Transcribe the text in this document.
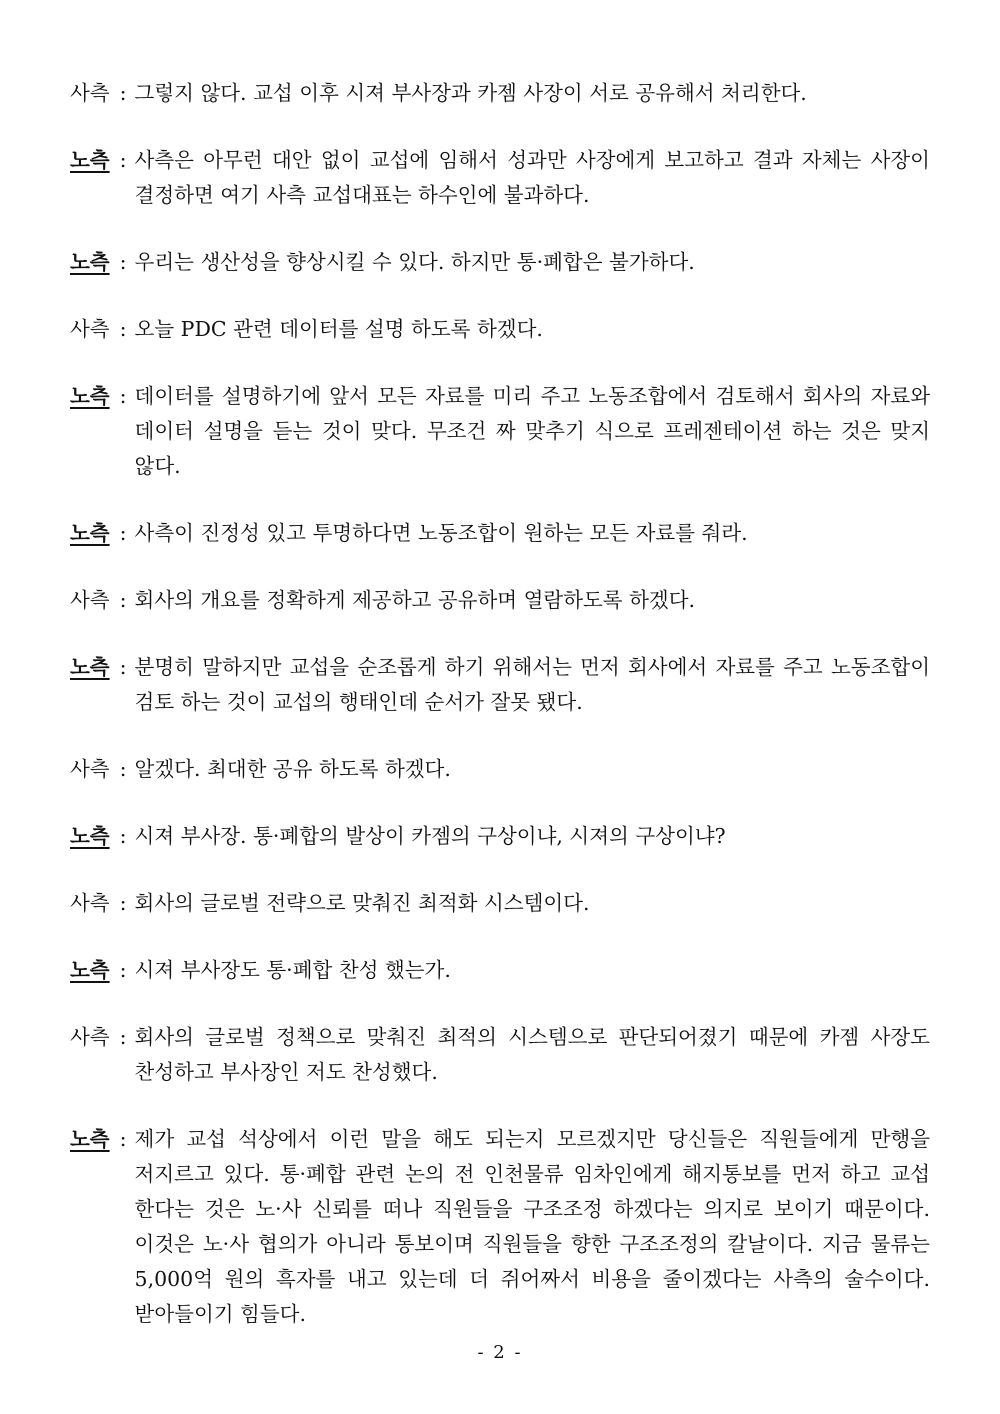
사측 : 그렇지 않다. 교섭 이후 시져 부사장과 카젬 사장이 서로 공유해서 처리한다.
노측 : 사측은 아무런 대안 없이 교섭에 임해서 성과만 사장에게 보고하고 결과 자체는 사장이 결정하면 여기 사측 교섭대표는 하수인에 불과하다.
노측 : 우리는 생산성을 향상시킬 수 있다. 하지만 통·폐합은 불가하다.
사측 : 오늘 PDC 관련 데이터를 설명 하도록 하겠다.
노측 : 데이터를 설명하기에 앞서 모든 자료를 미리 주고 노동조합에서 검토해서 회사의 자료와 데이터 설명을 듣는 것이 맞다. 무조건 짜 맞추기 식으로 프레젠테이션 하는 것은 맞지 않다.
노측 : 사측이 진정성 있고 투명하다면 노동조합이 원하는 모든 자료를 줘라.
사측 : 회사의 개요를 정확하게 제공하고 공유하며 열람하도록 하겠다.
노측 : 분명히 말하지만 교섭을 순조롭게 하기 위해서는 먼저 회사에서 자료를 주고 노동조합이 검토 하는 것이 교섭의 행태인데 순서가 잘못 됐다.
사측 : 알겠다. 최대한 공유 하도록 하겠다.
노측 : 시져 부사장. 통·폐합의 발상이 카젬의 구상이냐, 시져의 구상이냐?
사측 : 회사의 글로벌 전략으로 맞춰진 최적화 시스템이다.
노측 : 시져 부사장도 통·폐합 찬성 했는가.
사측 : 회사의 글로벌 정책으로 맞춰진 최적의 시스템으로 판단되어졌기 때문에 카젬 사장도 찬성하고 부사장인 저도 찬성했다.
노측 : 제가 교섭 석상에서 이런 말을 해도 되는지 모르겠지만 당신들은 직원들에게 만행을 저지르고 있다. 통·폐합 관련 논의 전 인천물류 임차인에게 해지통보를 먼저 하고 교섭 한다는 것은 노·사 신뢰를 떠나 직원들을 구조조정 하겠다는 의지로 보이기 때문이다. 이것은 노·사 협의가 아니라 통보이며 직원들을 향한 구조조정의 칼날이다. 지금 물류는 5,000억 원의 흑자를 내고 있는데 더 쥐어짜서 비용을 줄이겠다는 사측의 술수이다. 받아들이기 힘들다.
- 2 -
